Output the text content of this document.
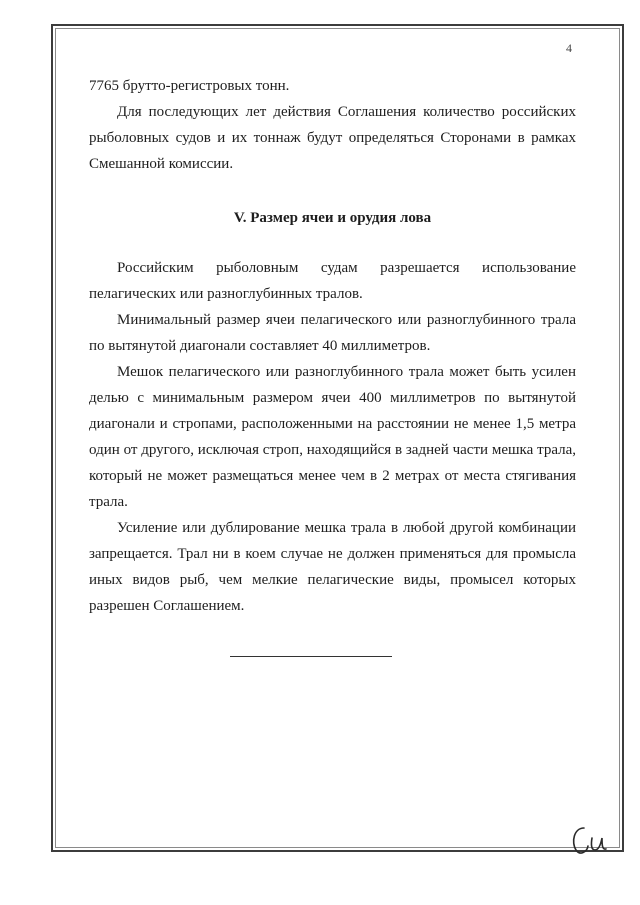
4

7765 брутто-регистровых тонн.

Для последующих лет действия Соглашения количество российских рыболовных судов и их тоннаж будут определяться Сторонами в рамках Смешанной комиссии.

V. Размер ячеи и орудия лова

Российским рыболовным судам разрешается использование пелагических или разноглубинных тралов.

Минимальный размер ячеи пелагического или разноглубинного трала по вытянутой диагонали составляет 40 миллиметров.

Мешок пелагического или разноглубинного трала может быть усилен делью с минимальным размером ячеи 400 миллиметров по вытянутой диагонали и стропами, расположенными на расстоянии не менее 1,5 метра один от другого, исключая строп, находящийся в задней части мешка трала, который не может размещаться менее чем в 2 метрах от места стягивания трала.

Усиление или дублирование мешка трала в любой другой комбинации запрещается. Трал ни в коем случае не должен применяться для промысла иных видов рыб, чем мелкие пелагические виды, промысел которых разрешен Соглашением.
